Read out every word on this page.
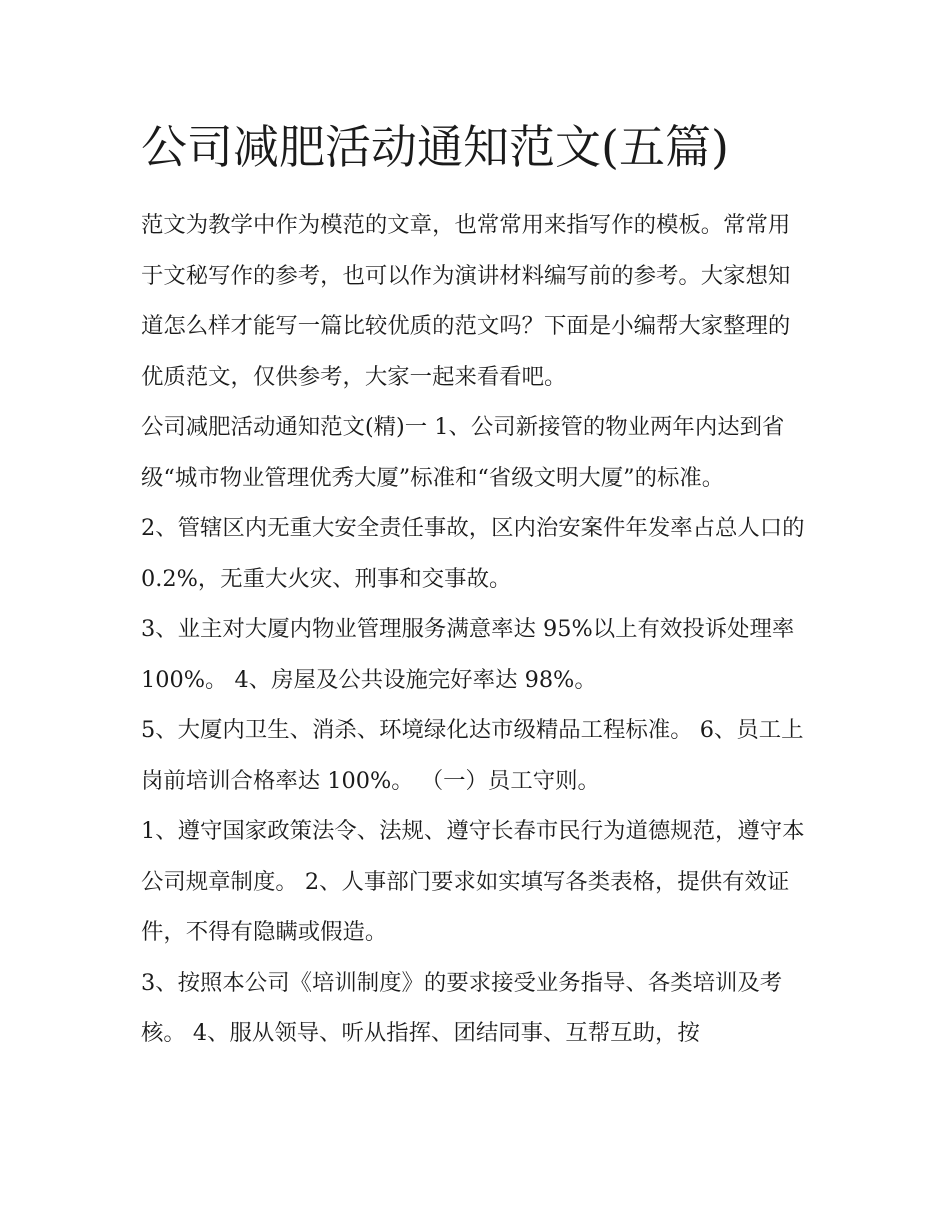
公司减肥活动通知范文(五篇)

范文为教学中作为模范的文章，也常常用来指写作的模板。常常用于文秘写作的参考，也可以作为演讲材料编写前的参考。大家想知道怎么样才能写一篇比较优质的范文吗？下面是小编帮大家整理的优质范文，仅供参考，大家一起来看看吧。

公司减肥活动通知范文(精)一 1、公司新接管的物业两年内达到省级“城市物业管理优秀大厦”标准和“省级文明大厦”的标准。

2、管辖区内无重大安全责任事故，区内治安案件年发率占总人口的 0.2%，无重大火灾、刑事和交事故。

3、业主对大厦内物业管理服务满意率达 95%以上有效投诉处理率 100%。 4、房屋及公共设施完好率达 98%。

5、大厦内卫生、消杀、环境绿化达市级精品工程标准。 6、员工上岗前培训合格率达 100%。 （一）员工守则。

1、遵守国家政策法令、法规、遵守长春市民行为道德规范，遵守本公司规章制度。 2、人事部门要求如实填写各类表格，提供有效证件，不得有隐瞒或假造。

3、按照本公司《培训制度》的要求接受业务指导、各类培训及考核。 4、服从领导、听从指挥、团结同事、互帮互助，按
